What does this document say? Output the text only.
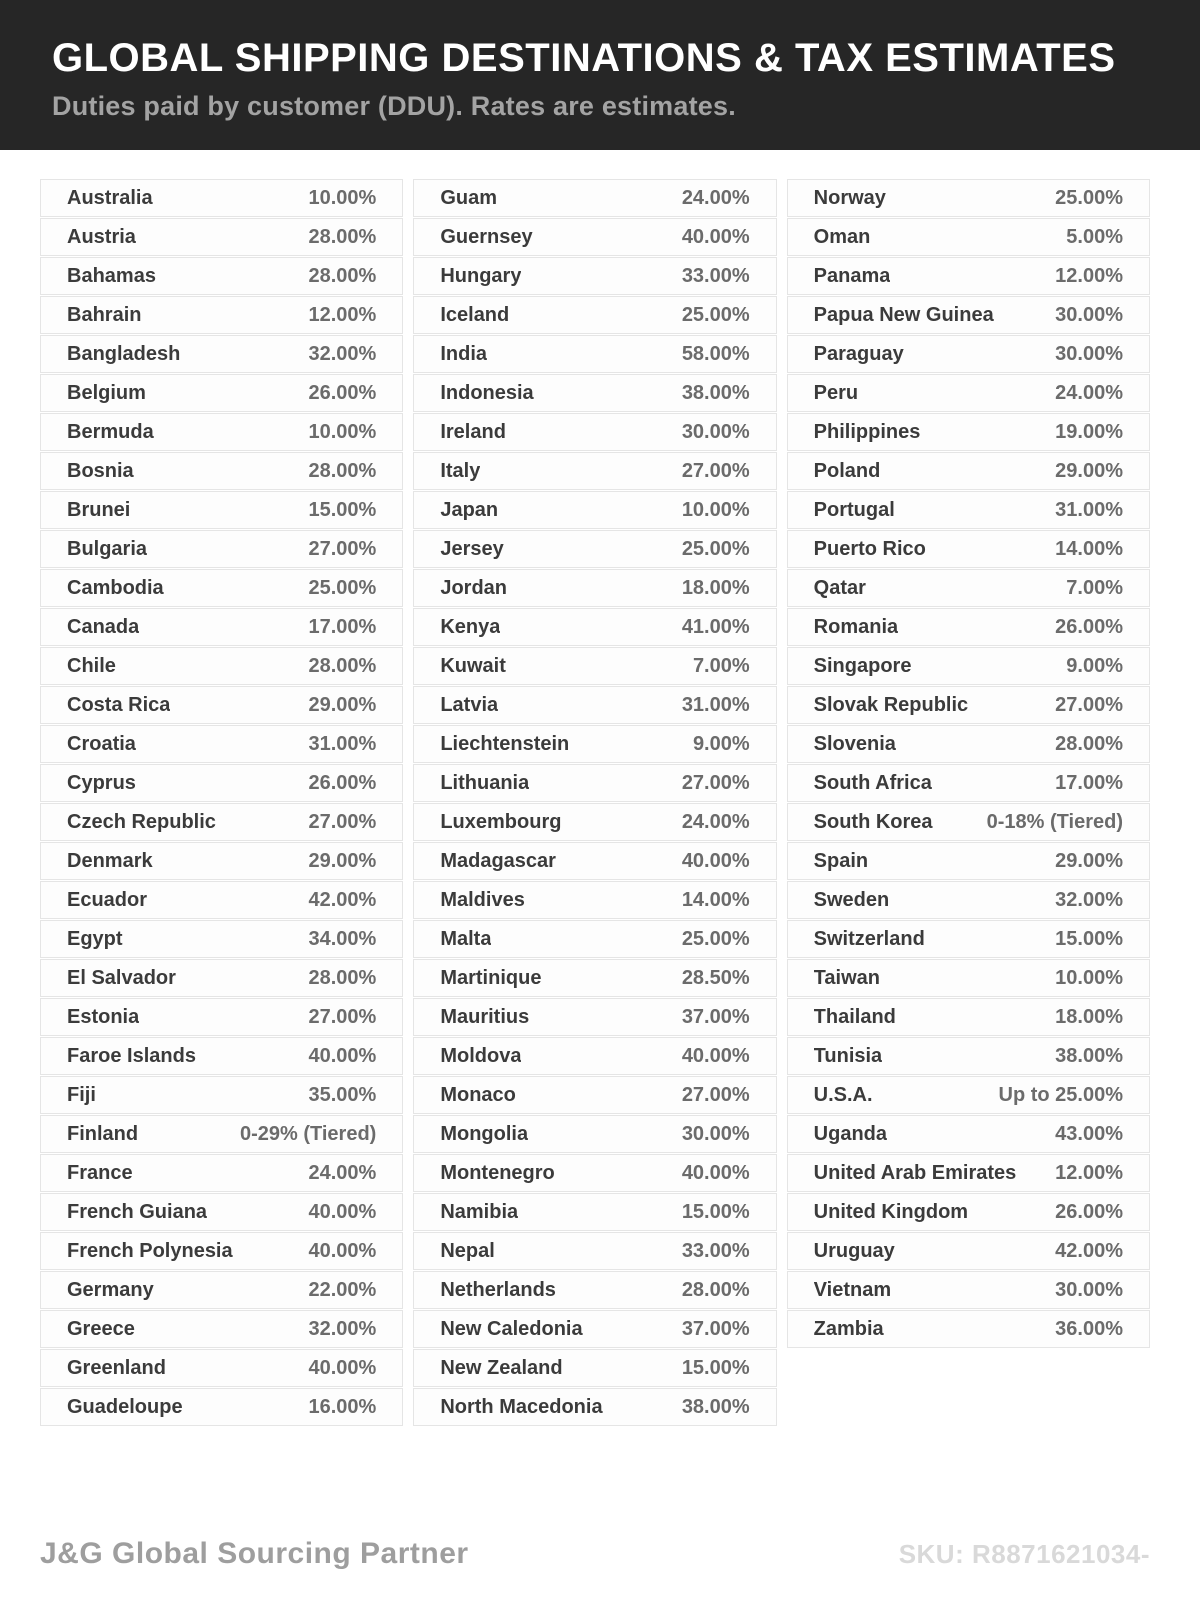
GLOBAL SHIPPING DESTINATIONS & TAX ESTIMATES

Duties paid by customer (DDU). Rates are estimates.

Australia	10.00%
Austria	28.00%
Bahamas	28.00%
Bahrain	12.00%
Bangladesh	32.00%
Belgium	26.00%
Bermuda	10.00%
Bosnia	28.00%
Brunei	15.00%
Bulgaria	27.00%
Cambodia	25.00%
Canada	17.00%
Chile	28.00%
Costa Rica	29.00%
Croatia	31.00%
Cyprus	26.00%
Czech Republic	27.00%
Denmark	29.00%
Ecuador	42.00%
Egypt	34.00%
El Salvador	28.00%
Estonia	27.00%
Faroe Islands	40.00%
Fiji	35.00%
Finland	0-29% (Tiered)
France	24.00%
French Guiana	40.00%
French Polynesia	40.00%
Germany	22.00%
Greece	32.00%
Greenland	40.00%
Guadeloupe	16.00%
Guam	24.00%
Guernsey	40.00%
Hungary	33.00%
Iceland	25.00%
India	58.00%
Indonesia	38.00%
Ireland	30.00%
Italy	27.00%
Japan	10.00%
Jersey	25.00%
Jordan	18.00%
Kenya	41.00%
Kuwait	7.00%
Latvia	31.00%
Liechtenstein	9.00%
Lithuania	27.00%
Luxembourg	24.00%
Madagascar	40.00%
Maldives	14.00%
Malta	25.00%
Martinique	28.50%
Mauritius	37.00%
Moldova	40.00%
Monaco	27.00%
Mongolia	30.00%
Montenegro	40.00%
Namibia	15.00%
Nepal	33.00%
Netherlands	28.00%
New Caledonia	37.00%
New Zealand	15.00%
North Macedonia	38.00%
Norway	25.00%
Oman	5.00%
Panama	12.00%
Papua New Guinea	30.00%
Paraguay	30.00%
Peru	24.00%
Philippines	19.00%
Poland	29.00%
Portugal	31.00%
Puerto Rico	14.00%
Qatar	7.00%
Romania	26.00%
Singapore	9.00%
Slovak Republic	27.00%
Slovenia	28.00%
South Africa	17.00%
South Korea	0-18% (Tiered)
Spain	29.00%
Sweden	32.00%
Switzerland	15.00%
Taiwan	10.00%
Thailand	18.00%
Tunisia	38.00%
U.S.A.	Up to 25.00%
Uganda	43.00%
United Arab Emirates 12.00%
United Kingdom	26.00%
Uruguay	42.00%
Vietnam	30.00%
Zambia	36.00%
J&G Global Sourcing Partner	SKU: R8871621034-
